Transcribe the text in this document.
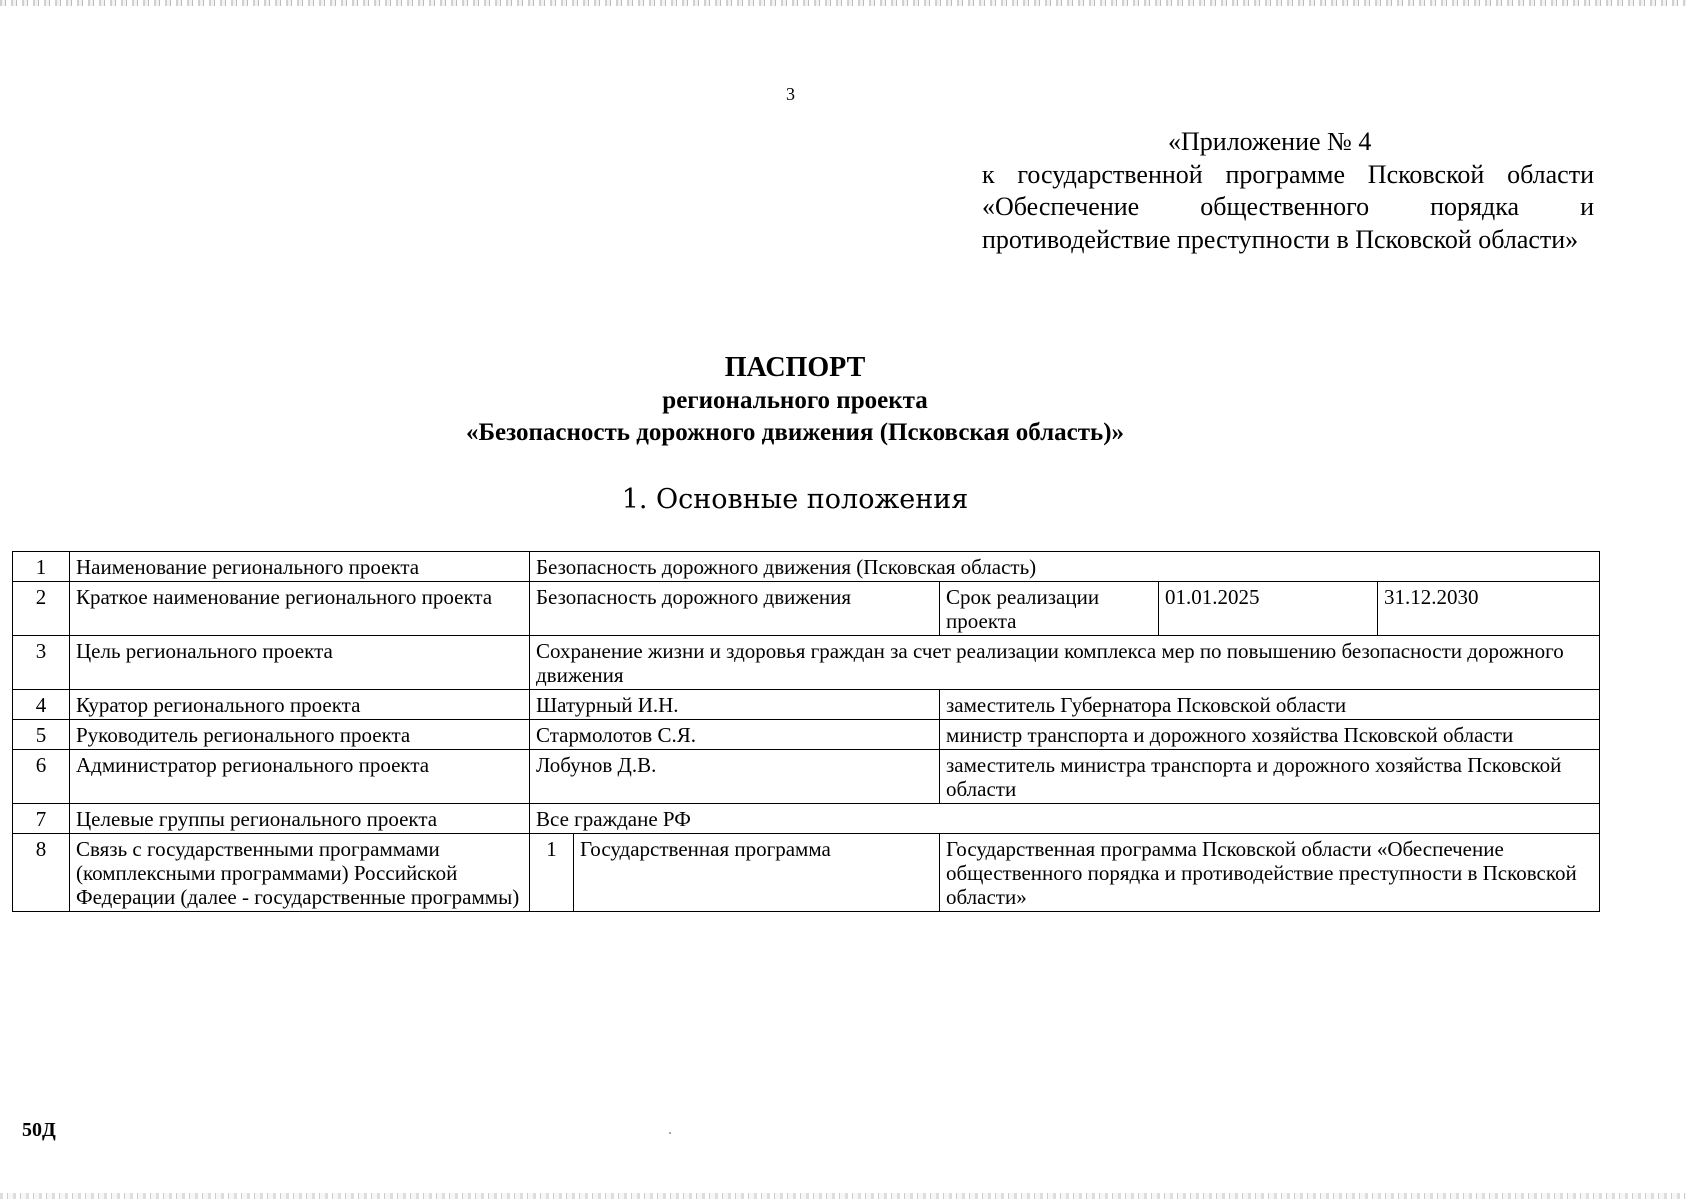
3
«Приложение № 4
к государственной программе Псковской области «Обеспечение общественного порядка и противодействие преступности в Псковской области»
ПАСПОРТ
регионального проекта
«Безопасность дорожного движения (Псковская область)»
1. Основные положения
1	Наименование регионального проекта	Безопасность дорожного движения (Псковская область)				
2	Краткое наименование регионального проекта	Безопасность дорожного движения		Срок реализации проекта	01.01.2025	31.12.2030
3	Цель регионального проекта	Сохранение жизни и здоровья граждан за счет реализации комплекса мер по повышению безопасности дорожного движения				
4	Куратор регионального проекта	Шатурный И.Н.		заместитель Губернатора Псковской области		
5	Руководитель регионального проекта	Стармолотов С.Я.		министр транспорта и дорожного хозяйства Псковской области		
6	Администратор регионального проекта	Лобунов Д.В.		заместитель министра транспорта и дорожного хозяйства Псковской области		
7	Целевые группы регионального проекта	Все граждане РФ				
8	Связь с государственными программами (комплексными программами) Российской Федерации (далее - государственные программы)	1	Государственная программа	Государственная программа Псковской области «Обеспечение общественного порядка и противодействие преступности в Псковской области»		
50Д
